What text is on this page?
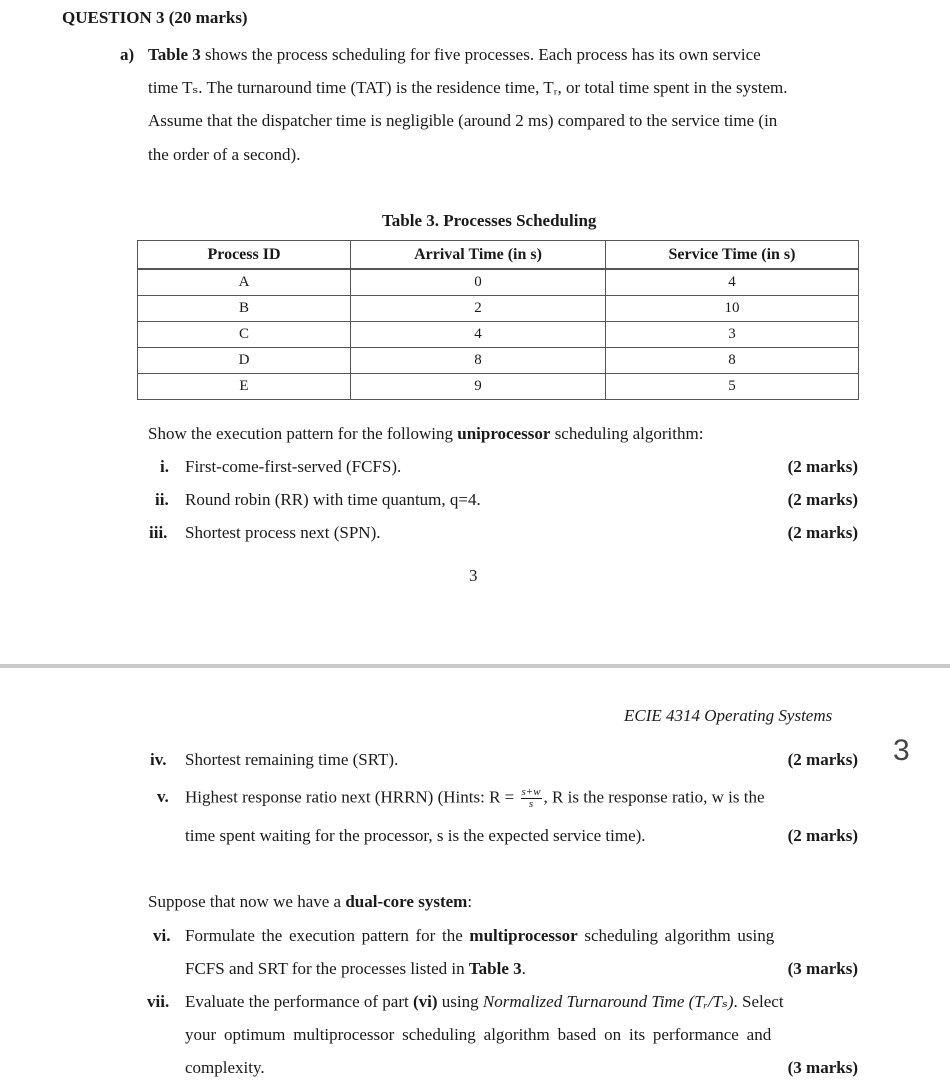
QUESTION 3 (20 marks)
a) Table 3 shows the process scheduling for five processes. Each process has its own service
time Tₛ. The turnaround time (TAT) is the residence time, Tᵣ, or total time spent in the system.
Assume that the dispatcher time is negligible (around 2 ms) compared to the service time (in
the order of a second).
Table 3. Processes Scheduling
Process ID	Arrival Time (in s)	Service Time (in s)
A	0	4
B	2	10
C	4	3
D	8	8
E	9	5
Show the execution pattern for the following uniprocessor scheduling algorithm:
i. First-come-first-served (FCFS).	(2 marks)
ii. Round robin (RR) with time quantum, q=4.	(2 marks)
iii. Shortest process next (SPN).	(2 marks)
3
ECIE 4314 Operating Systems
iv. Shortest remaining time (SRT).	(2 marks)
v. Highest response ratio next (HRRN) (Hints: $R = \frac{s+w}{s}$ , R is the response ratio, w is the
time spent waiting for the processor, s is the expected service time).	(2 marks)
Suppose that now we have a dual-core system:
vi. Formulate the execution pattern for the multiprocessor scheduling algorithm using
FCFS and SRT for the processes listed in Table 3.	(3 marks)
vii. Evaluate the performance of part (vi) using Normalized Turnaround Time (Tᵣ/Tₛ). Select
your optimum multiprocessor scheduling algorithm based on its performance and
complexity.	(3 marks)
3
